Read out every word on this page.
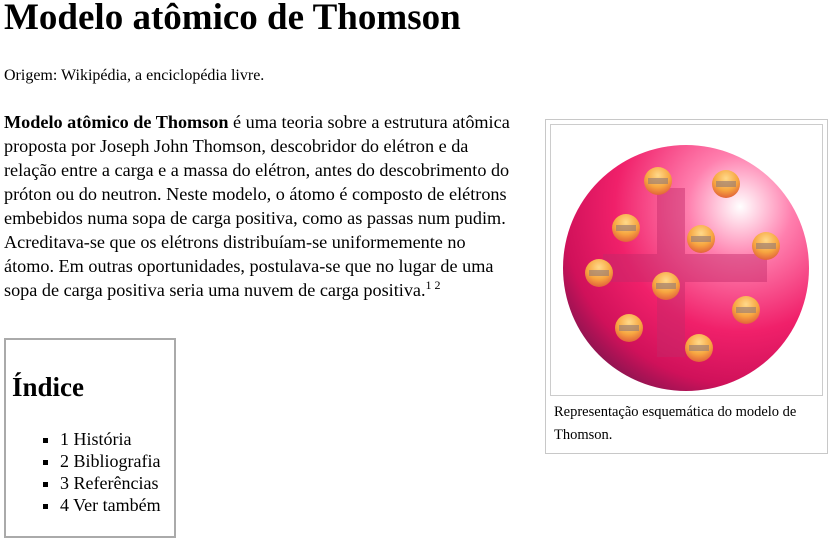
Modelo atômico de Thomson
Origem: Wikipédia, a enciclopédia livre.

Modelo atômico de Thomson é uma teoria sobre a estrutura atômica proposta por Joseph John Thomson, descobridor do elétron e da relação entre a carga e a massa do elétron, antes do descobrimento do próton ou do neutron. Neste modelo, o átomo é composto de elétrons embebidos numa sopa de carga positiva, como as passas num pudim. Acreditava-se que os elétrons distribuíam-se uniformemente no átomo. Em outras oportunidades, postulava-se que no lugar de uma sopa de carga positiva seria uma nuvem de carga positiva.$^{1 2}$

Índice
▪ 1 História
▪ 2 Bibliografia
▪ 3 Referências
▪ 4 Ver também
Representação esquemática do modelo de Thomson.
